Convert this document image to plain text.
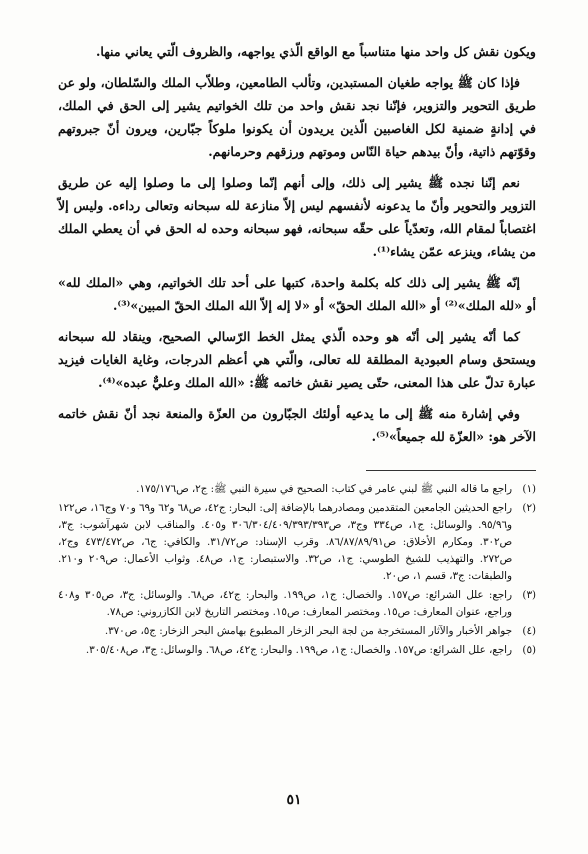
ويكون نقش كل واحد منها متناسباً مع الواقع الّذي يواجهه، والظروف الّتي يعاني منها.

فإذا كان ﷺ يواجه طغيان المستبدين، وتألب الطامعين، وطلاّب الملك والسّلطان، ولو عن طريق التحوير والتزوير، فإنّنا نجد نقش واحد من تلك الخواتيم يشير إلى الحق في الملك، في إدانةٍ ضمنية لكل الغاصبين الّذين يريدون أن يكونوا ملوكاً جبّارين، ويرون أنّ جبروتهم وقوّتهم ذاتية، وأنّ بيدهم حياة النّاس وموتهم ورزقهم وحرمانهم.

نعم إنّنا نجده ﷺ يشير إلى ذلك، وإلى أنهم إنّما وصلوا إلى ما وصلوا إليه عن طريق التزوير والتحوير وأنّ ما يدعونه لأنفسهم ليس إلاّ منازعة لله سبحانه وتعالى رداءه. وليس إلاّ اغتصاباً لمقام الله، وتعدّياً على حقّه سبحانه، فهو سبحانه وحده له الحق في أن يعطي الملك من يشاء، وينزعه عمّن يشاء⁽¹⁾.

إنّه ﷺ يشير إلى ذلك كله بكلمة واحدة، كتبها على أحد تلك الخواتيم، وهي «الملك لله» أو «لله الملك»⁽²⁾ أو «الله الملك الحقّ» أو «لا إله إلاّ الله الملك الحقّ المبين»⁽³⁾.

كما أنّه يشير إلى أنّه هو وحده الّذي يمثل الخط الرّسالي الصحيح، وينقاد لله سبحانه ويستحق وسام العبودية المطلقة لله تعالى، والّتي هي أعظم الدرجات، وغاية الغايات فيزيد عبارة تدلّ على هذا المعنى، حتّى يصير نقش خاتمه ﷺ: «الله الملك وعليٌّ عبده»⁽⁴⁾.

وفي إشارة منه ﷺ إلى ما يدعيه أولئك الجبّارون من العزّة والمنعة نجد أنّ نقش خاتمه الآخر هو: «العزّة لله جميعاً»⁽⁵⁾.

(١)
راجع ما قاله النبي ﷺ لبني عامر في كتاب: الصحيح في سيرة النبي ﷺ: ج٢، ص١٧٥/١٧٦.
(٢)
راجع الحديثين الجامعين المتقدمين ومصادرهما بالإضافة إلى: البحار: ج٤٢، ص٦٨ و٦٢ و٦٩ و٧٠ وج١٦، ص١٢٢ و٩٥/٩٦. والوسائل: ج١، ص٣٣٤ وج٣، ص٣٠٦/٣٠٤/٤٠٩/٣٩٣/٣٩٣ و٤٠٥. والمناقب لابن شهرآشوب: ج٣، ص٣٠٢. ومكارم الأخلاق: ص٨٦/٨٧/٨٩/٩١. وقرب الإسناد: ص٣١/٧٢. والكافي: ج٦، ص٤٧٣/٤٧٢ وج٢، ص٢٧٢. والتهذيب للشيخ الطوسي: ج١، ص٣٢. والاستبصار: ج١، ص٤٨. وثواب الأعمال: ص٢٠٩ و٢١٠. والطبقات: ج٣، قسم ١، ص٢٠.
(٣)
راجع: علل الشرائع: ص١٥٧. والخصال: ج١، ص١٩٩. والبحار: ج٤٢، ص٦٨. والوسائل: ج٣، ص٣٠٥ و٤٠٨ وراجع، عنوان المعارف: ص١٥. ومختصر المعارف: ص١٥. ومختصر التاريخ لابن الكازروني: ص٧٨.
(٤)
جواهر الأخبار والآثار المستخرجة من لجة البحر الزخار المطبوع بهامش البحر الزخار: ج٥، ص٣٧٠.
(٥)
راجع، علل الشرائع: ص١٥٧. والخصال: ج١، ص١٩٩. والبحار: ج٤٢، ص٦٨. والوسائل: ج٣، ص٣٠٥/٤٠٨.
٥١
